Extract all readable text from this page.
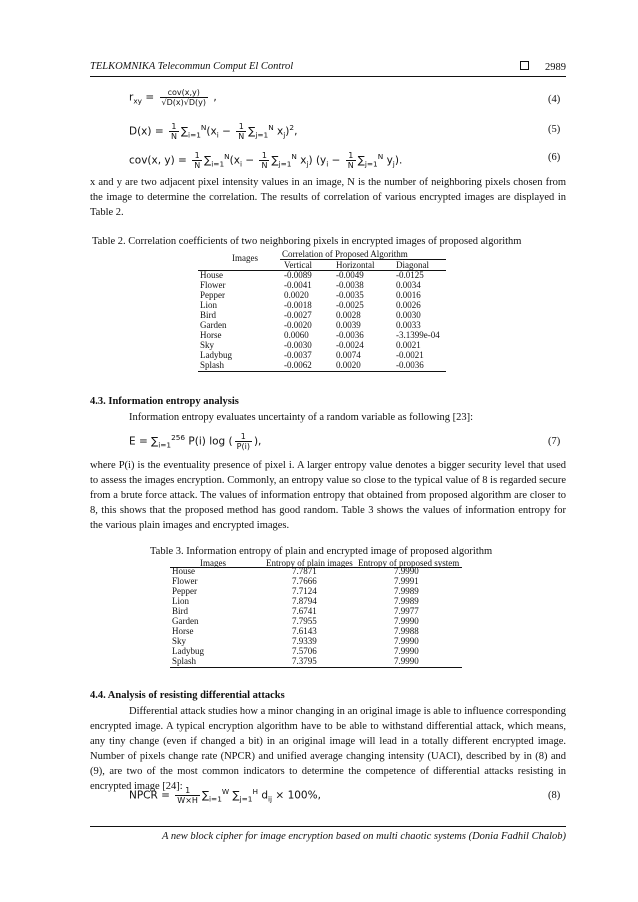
TELKOMNIKA Telecommun Comput El Control	2989
$r_{xy} = \frac{\text{cov(x,y)}}{√D(x)√D(y)}$ ,	(4)
$D(x) = \frac{1}{N} \sum_{i=1}^N(x_i - \frac{1}{N} \sum_{j=1}^N$ $x_j)^2$,	(5)
cov(x, $y) = \frac{1}{N} \sum_{i=1}^N(x_i - \frac{1}{N} \sum_{j=1}^N$ $x_j$) ($y_i - \frac{1}{N} \sum_{j=1}^N$ $y_j$).	(6)
x and y are two adjacent pixel intensity values in an image, N is the number of neighboring pixels chosen from the image to determine the correlation. The results of correlation of various encrypted images are displayed in Table 2.
Table 2. Correlation coefficients of two neighboring pixels in encrypted images of proposed algorithm
Images	Correlation of Proposed Algorithm
Vertical	Horizontal Diagonal
House	-0.0089	-0.0049	-0.0125
Flower	-0.0041	-0.0038	0.0034
Pepper	0.0020	-0.0035	0.0016
Lion	-0.0018	-0.0025	0.0026
Bird	-0.0027	0.0028	0.0030
Garden	-0.0020	0.0039	0.0033
Horse	0.0060	-0.0036	-3.1399e-04
Sky	-0.0030	-0.0024	0.0021
Ladybug	-0.0037	0.0074	-0.0021
Splash	-0.0062	0.0020	-0.0036
4.3. Information entropy analysis
Information entropy evaluates uncertainty of a random variable as following [23]:
$E = \sum_{i=1}^{256}$ P(i) log ( $\frac{1}{P(i)}$ ),	(7)
where P(i) is the eventuality presence of pixel i. A larger entropy value denotes a bigger security level that used to assess the images encryption. Commonly, an entropy value so close to the typical value of 8 is regarded secure from a brute force attack. The values of information entropy that obtained from proposed algorithm are closer to 8, this shows that the proposed method has good random. Table 3 shows the values of information entropy for the various plain images and encrypted images.
Table 3. Information entropy of plain and encrypted image of proposed algorithm
Images	Entropy of plain images Entropy of proposed system
House	7.7871	7.9990
Flower	7.7666	7.9991
Pepper	7.7124	7.9989
Lion	7.8794	7.9989
Bird	7.6741	7.9977
Garden	7.7955	7.9990
Horse	7.6143	7.9988
Sky	7.9339	7.9990
Ladybug	7.5706	7.9990
Splash	7.3795	7.9990
4.4. Analysis of resisting differential attacks
Differential attack studies how a minor changing in an original image is able to influence corresponding encrypted image. A typical encryption algorithm have to be able to withstand differential attack, which means, any tiny change (even if changed a bit) in an original image will lead in a totally different encrypted image. Number of pixels change rate (NPCR) and unified average changing intensity (UACI), described by in (8) and (9), are two of the most common indicators to determine the competence of differential attacks resisting in encrypted image [24]:
NPCR = $\frac{1}{W\times H} \sum_{i=1}^W$ $\sum_{j=1}^H$ $d_{ij} \times 100\%$,	(8)
A new block cipher for image encryption based on multi chaotic systems (Donia Fadhil Chalob)
